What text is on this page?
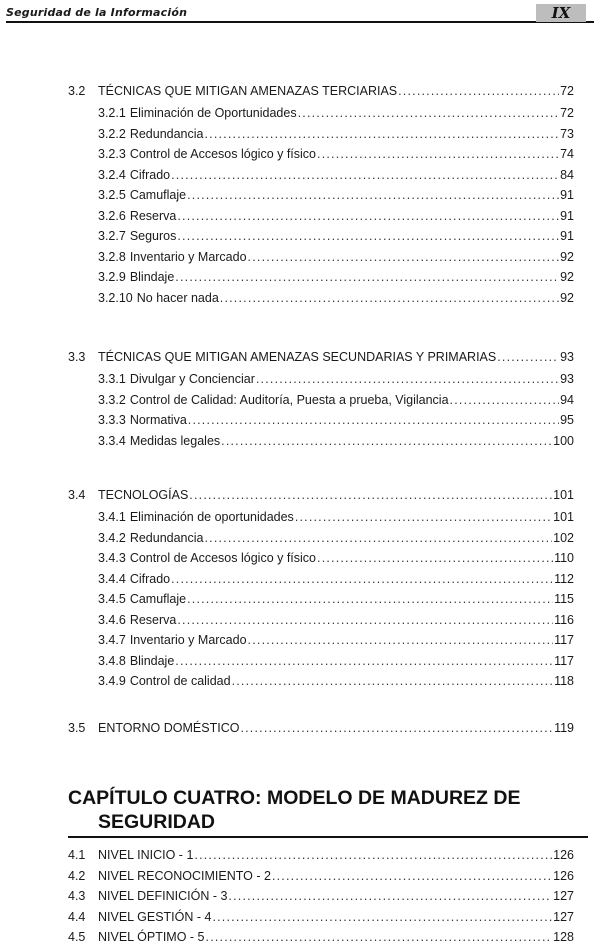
Seguridad de la Información	IX
3.2	TÉCNICAS QUE MITIGAN AMENAZAS TERCIARIAS .....	72
3.2.1 Eliminación de Oportunidades .....	72
3.2.2 Redundancia .....	73
3.2.3 Control de Accesos lógico y físico .....	74
3.2.4 Cifrado .....	84
3.2.5 Camuflaje .....	91
3.2.6 Reserva .....	91
3.2.7 Seguros .....	91
3.2.8 Inventario y Marcado .....	92
3.2.9 Blindaje .....	92
3.2.10 No hacer nada .....	92
3.3	TÉCNICAS QUE MITIGAN AMENAZAS SECUNDARIAS Y PRIMARIAS .....	93
3.3.1 Divulgar y Concienciar .....	93
3.3.2 Control de Calidad: Auditoría, Puesta a prueba, Vigilancia .....	94
3.3.3 Normativa .....	95
3.3.4 Medidas legales .....	100
3.4	TECNOLOGÍAS .....	101
3.4.1 Eliminación de oportunidades .....	101
3.4.2 Redundancia .....	102
3.4.3 Control de Accesos lógico y físico .....	110
3.4.4 Cifrado .....	112
3.4.5 Camuflaje .....	115
3.4.6 Reserva .....	116
3.4.7 Inventario y Marcado .....	117
3.4.8 Blindaje .....	117
3.4.9 Control de calidad .....	118
3.5	ENTORNO DOMÉSTICO .....	119
4.1	NIVEL INICIO - 1 .....	126
4.2	NIVEL RECONOCIMIENTO - 2 .....	126
4.3	NIVEL DEFINICIÓN - 3 .....	127
4.4	NIVEL GESTIÓN - 4 .....	127
4.5	NIVEL ÓPTIMO - 5 .....	128
CAPÍTULO CUATRO: MODELO DE MADUREZ DE
SEGURIDAD
